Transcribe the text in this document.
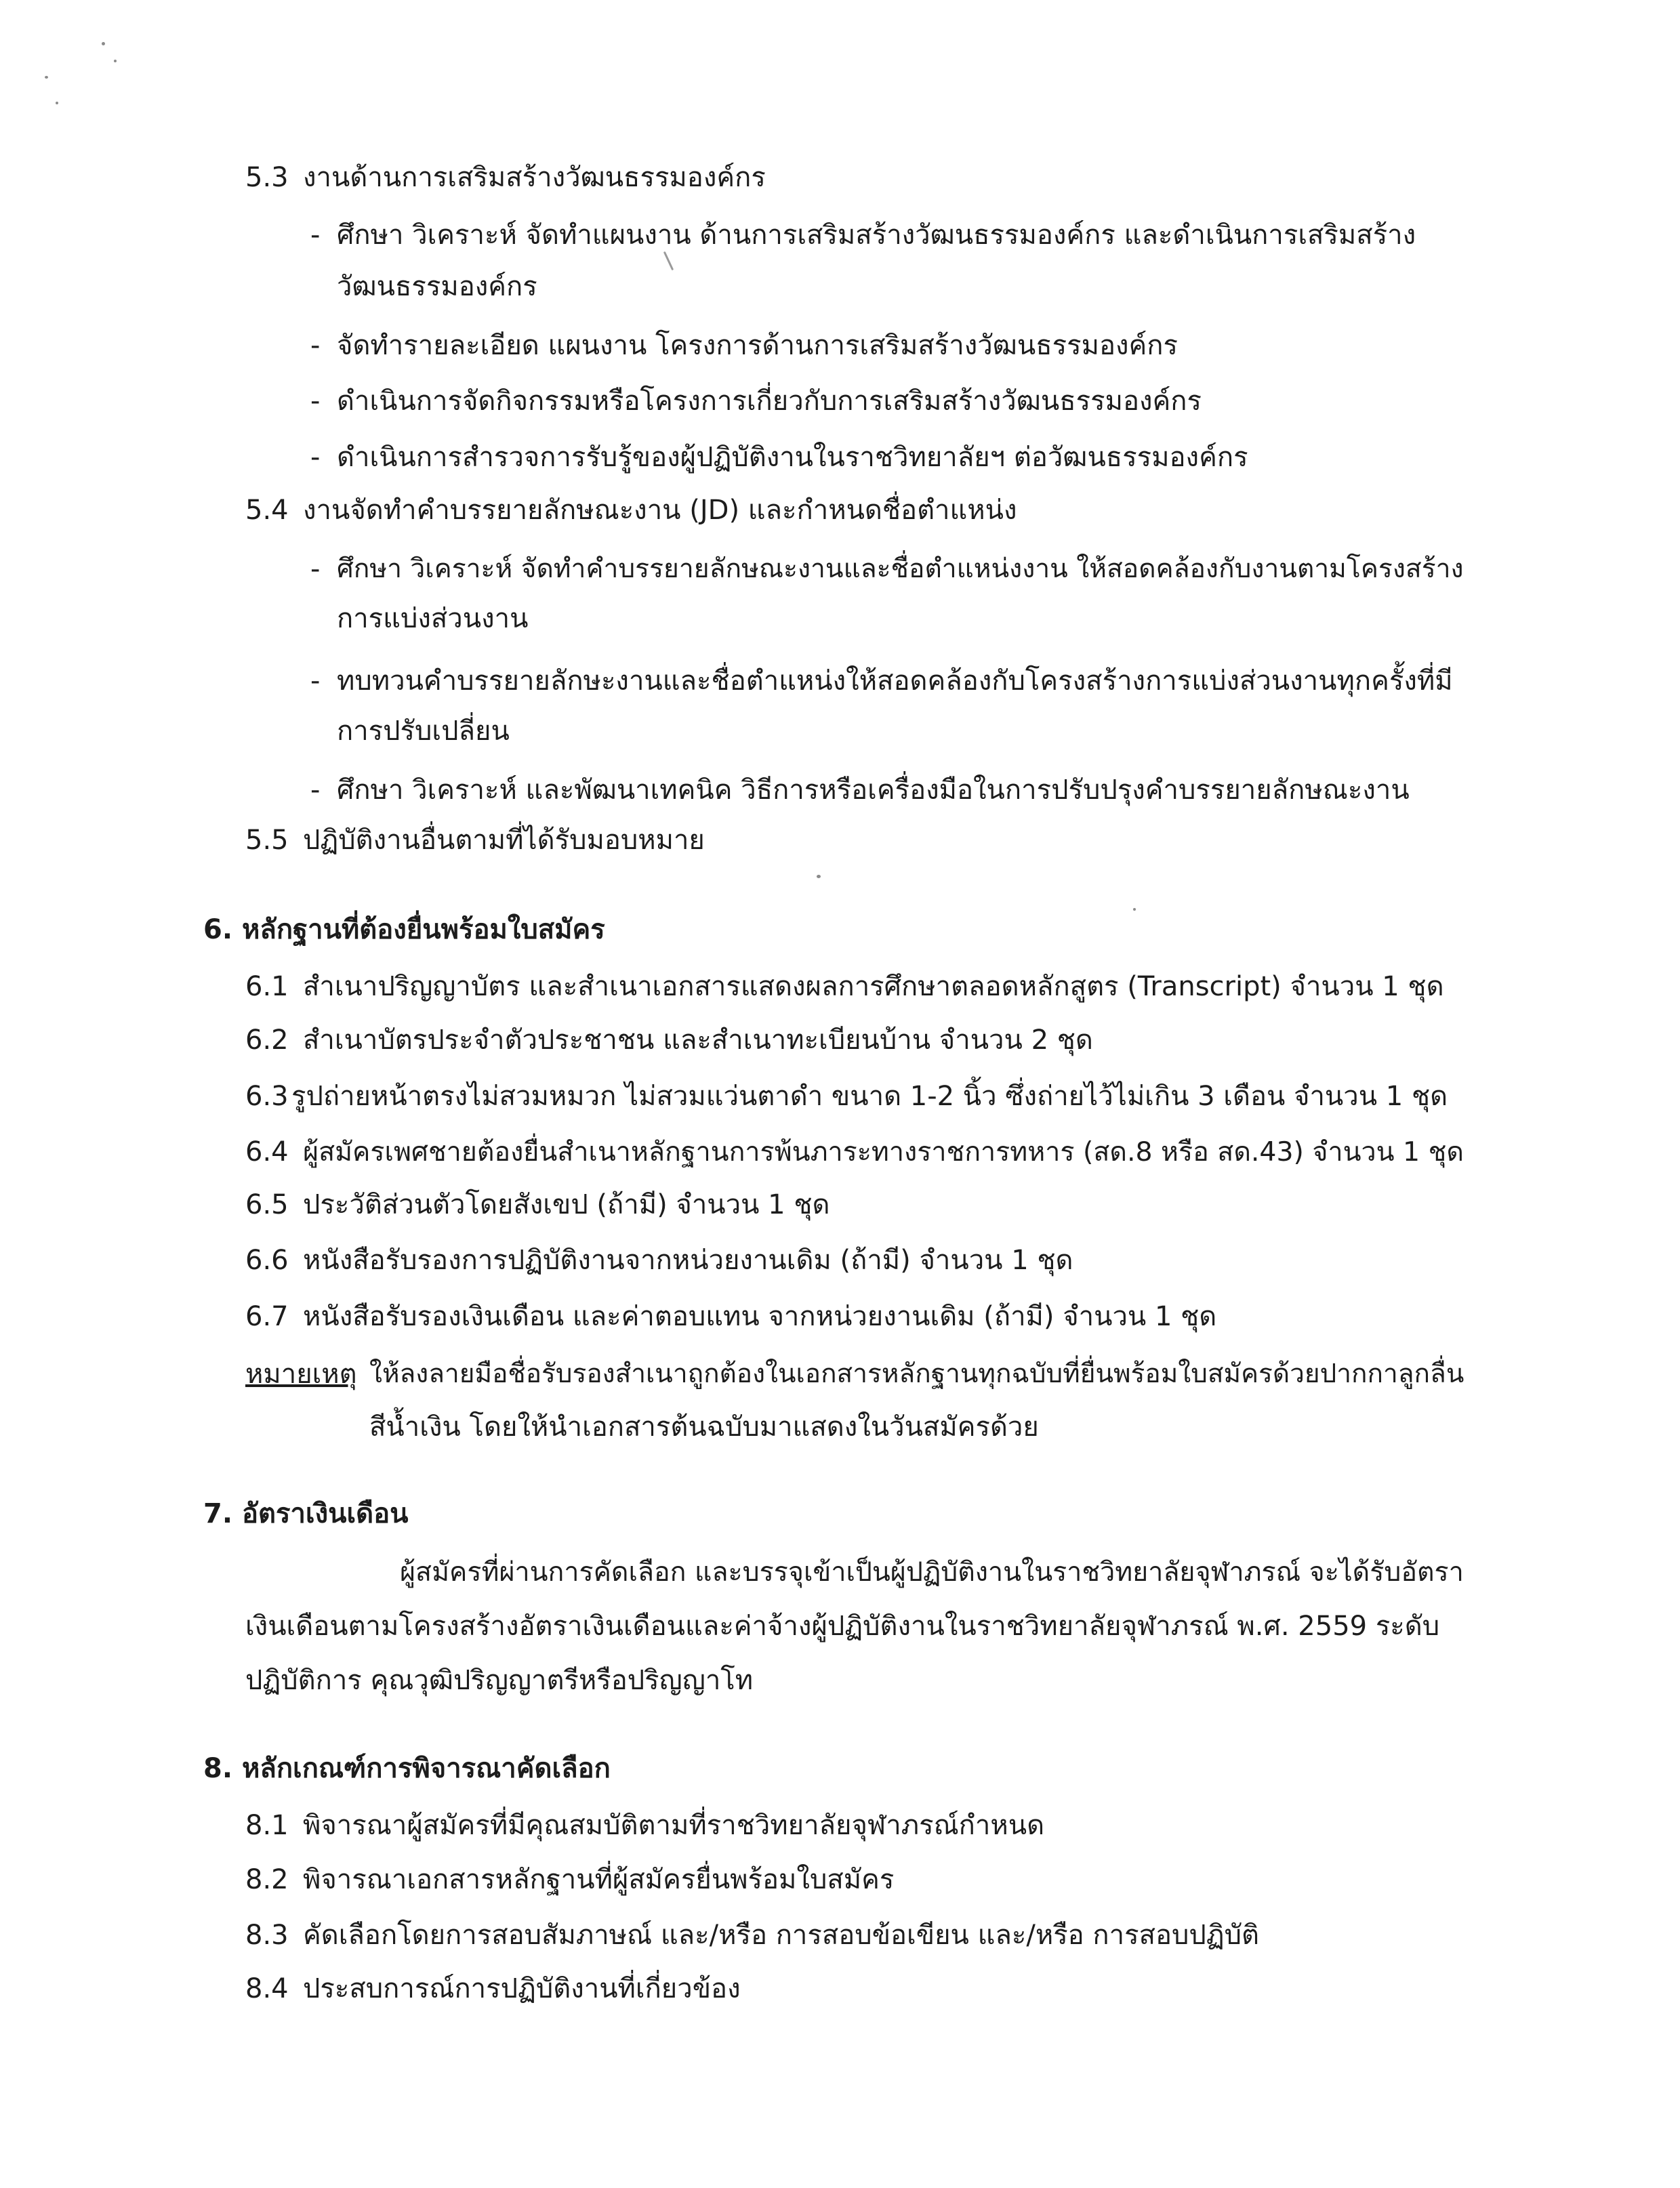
5.3 งานด้านการเสริมสร้างวัฒนธรรมองค์กร
- ศึกษา วิเคราะห์ จัดทำแผนงาน ด้านการเสริมสร้างวัฒนธรรมองค์กร และดำเนินการเสริมสร้าง
วัฒนธรรมองค์กร
- จัดทำรายละเอียด แผนงาน โครงการด้านการเสริมสร้างวัฒนธรรมองค์กร
- ดำเนินการจัดกิจกรรมหรือโครงการเกี่ยวกับการเสริมสร้างวัฒนธรรมองค์กร
- ดำเนินการสำรวจการรับรู้ของผู้ปฏิบัติงานในราชวิทยาลัยฯ ต่อวัฒนธรรมองค์กร
5.4 งานจัดทำคำบรรยายลักษณะงาน (JD) และกำหนดชื่อตำแหน่ง
- ศึกษา วิเคราะห์ จัดทำคำบรรยายลักษณะงานและชื่อตำแหน่งงาน ให้สอดคล้องกับงานตามโครงสร้าง
การแบ่งส่วนงาน
- ทบทวนคำบรรยายลักษะงานและชื่อตำแหน่งให้สอดคล้องกับโครงสร้างการแบ่งส่วนงานทุกครั้งที่มี
การปรับเปลี่ยน
- ศึกษา วิเคราะห์ และพัฒนาเทคนิค วิธีการหรือเครื่องมือในการปรับปรุงคำบรรยายลักษณะงาน
5.5 ปฏิบัติงานอื่นตามที่ได้รับมอบหมาย
6. หลักฐานที่ต้องยื่นพร้อมใบสมัคร
6.1 สำเนาปริญญาบัตร และสำเนาเอกสารแสดงผลการศึกษาตลอดหลักสูตร (Transcript) จำนวน 1 ชุด
6.2 สำเนาบัตรประจำตัวประชาชน และสำเนาทะเบียนบ้าน จำนวน 2 ชุด
6.3 รูปถ่ายหน้าตรงไม่สวมหมวก ไม่สวมแว่นตาดำ ขนาด 1-2 นิ้ว ซึ่งถ่ายไว้ไม่เกิน 3 เดือน จำนวน 1 ชุด
6.4 ผู้สมัครเพศชายต้องยื่นสำเนาหลักฐานการพ้นภาระทางราชการทหาร (สด.8 หรือ สด.43) จำนวน 1 ชุด
6.5 ประวัติส่วนตัวโดยสังเขป (ถ้ามี) จำนวน 1 ชุด
6.6 หนังสือรับรองการปฏิบัติงานจากหน่วยงานเดิม (ถ้ามี) จำนวน 1 ชุด
6.7 หนังสือรับรองเงินเดือน และค่าตอบแทน จากหน่วยงานเดิม (ถ้ามี) จำนวน 1 ชุด
หมายเหตุ ให้ลงลายมือชื่อรับรองสำเนาถูกต้องในเอกสารหลักฐานทุกฉบับที่ยื่นพร้อมใบสมัครด้วยปากกาลูกลื่น
สีน้ำเงิน โดยให้นำเอกสารต้นฉบับมาแสดงในวันสมัครด้วย
7. อัตราเงินเดือน
ผู้สมัครที่ผ่านการคัดเลือก และบรรจุเข้าเป็นผู้ปฏิบัติงานในราชวิทยาลัยจุฬาภรณ์ จะได้รับอัตรา
เงินเดือนตามโครงสร้างอัตราเงินเดือนและค่าจ้างผู้ปฏิบัติงานในราชวิทยาลัยจุฬาภรณ์ พ.ศ. 2559 ระดับ
ปฏิบัติการ คุณวุฒิปริญญาตรีหรือปริญญาโท
8. หลักเกณฑ์การพิจารณาคัดเลือก
8.1 พิจารณาผู้สมัครที่มีคุณสมบัติตามที่ราชวิทยาลัยจุฬาภรณ์กำหนด
8.2 พิจารณาเอกสารหลักฐานที่ผู้สมัครยื่นพร้อมใบสมัคร
8.3 คัดเลือกโดยการสอบสัมภาษณ์ และ/หรือ การสอบข้อเขียน และ/หรือ การสอบปฏิบัติ
8.4 ประสบการณ์การปฏิบัติงานที่เกี่ยวข้อง
